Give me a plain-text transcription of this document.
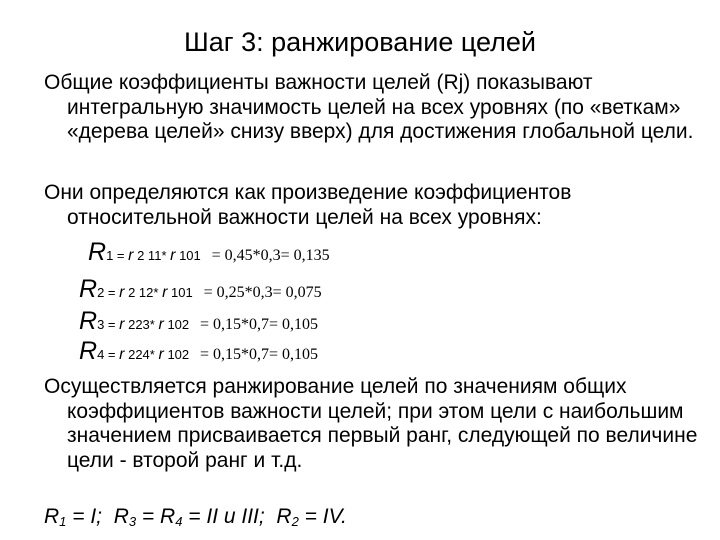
Шаг 3: ранжирование целей
Общие коэффициенты важности целей (Rj) показывают интегральную значимость целей на всех уровнях (по «веткам» «дерева целей» снизу вверх) для достижения глобальной цели.
Они определяются как произведение коэффициентов относительной важности целей на всех уровнях:
R1 = r 2 11* r 101 = 0,45*0,3= 0,135
R2 = r 2 12* r 101 = 0,25*0,3= 0,075
R3 = r 223* r 102 = 0,15*0,7= 0,105
R4 = r 224* r 102 = 0,15*0,7= 0,105
Осуществляется ранжирование целей по значениям общих коэффициентов важности целей; при этом цели с наибольшим значением присваивается первый ранг, следующей по величине цели - второй ранг и т.д.
$R_1 = I$;  $R_3 = R_4$ = II и III;  $R_2$ = IV.
